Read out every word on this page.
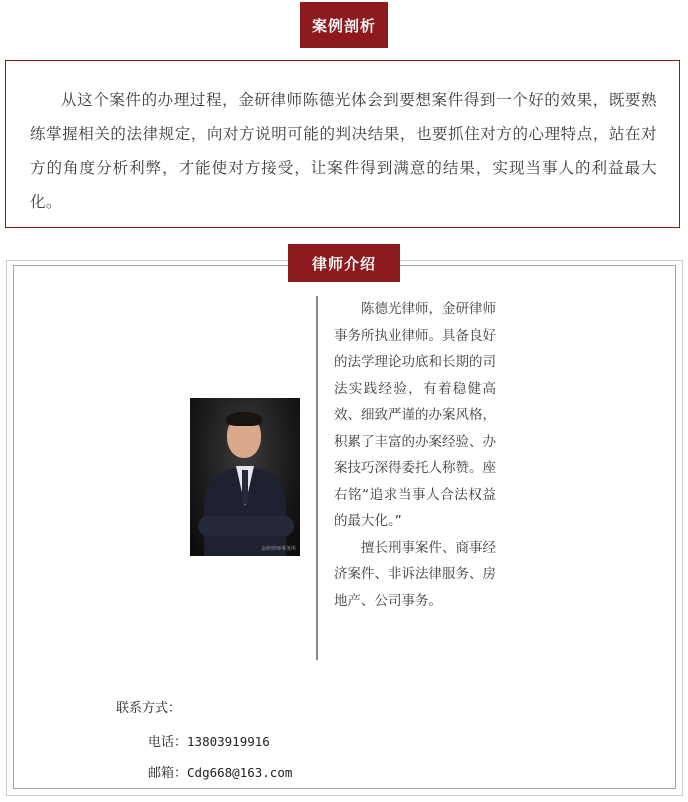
案例剖析

从这个案件的办理过程，金研律师陈德光体会到要想案件得到一个好的效果，既要熟练掌握相关的法律规定，向对方说明可能的判决结果，也要抓住对方的心理特点，站在对方的角度分析利弊，才能使对方接受，让案件得到满意的结果，实现当事人的利益最大化。

律师介绍
金研律师事务所

陈德光律师，金研律师事务所执业律师。具备良好的法学理论功底和长期的司法实践经验，有着稳健高效、细致严谨的办案风格，积累了丰富的办案经验、办案技巧深得委托人称赞。座右铭“追求当事人合法权益的最大化。”

擅长刑事案件、商事经济案件、非诉法律服务、房地产、公司事务。

联系方式：
电话：13803919916
邮箱：Cdg668@163.com
